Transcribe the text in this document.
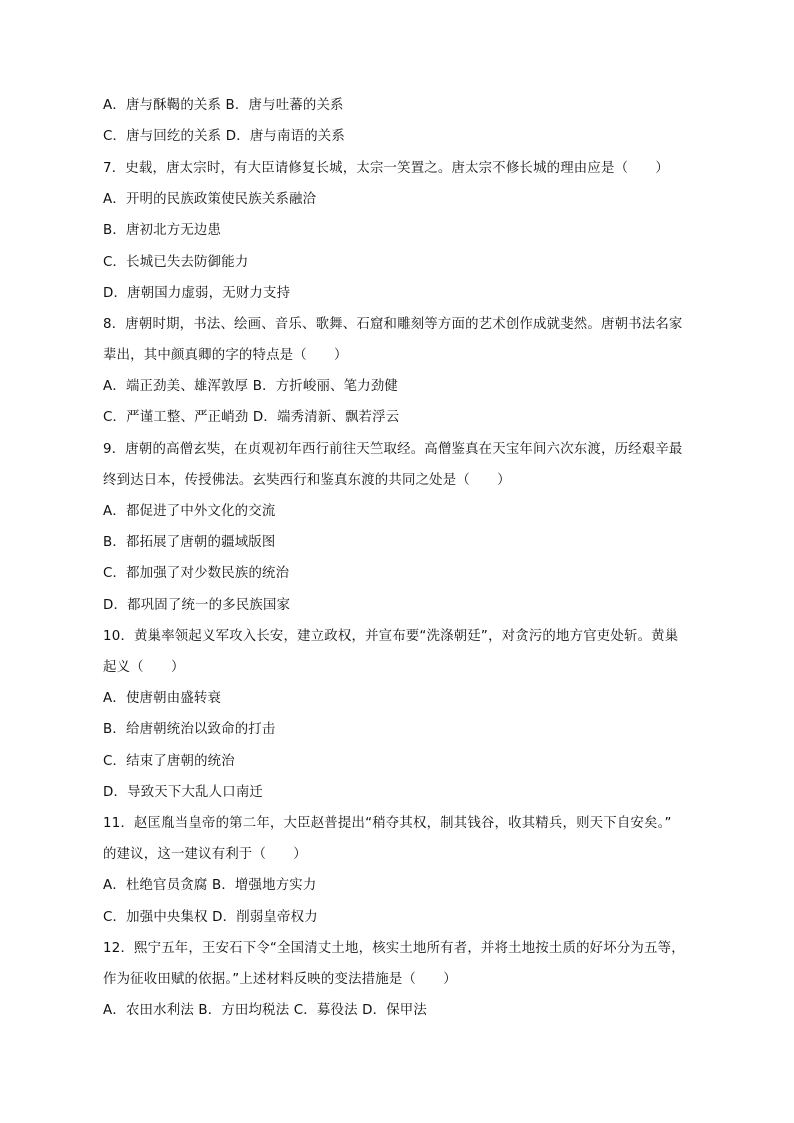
A．唐与酥鞨的关系 B．唐与吐蕃的关系
C．唐与回纥的关系 D．唐与南语的关系
7．史载，唐太宗时，有大臣请修复长城，太宗一笑置之。唐太宗不修长城的理由应是（　　）
A．开明的民族政策使民族关系融洽
B．唐初北方无边患
C．长城已失去防御能力
D．唐朝国力虚弱，无财力支持
8．唐朝时期，书法、绘画、音乐、歌舞、石窟和雕刻等方面的艺术创作成就斐然。唐朝书法名家
辈出，其中颜真卿的字的特点是（　　）
A．端正劲美、雄浑敦厚 B．方折峻丽、笔力劲健
C．严谨工整、严正峭劲 D．端秀清新、飘若浮云
9．唐朝的高僧玄奘，在贞观初年西行前往天竺取经。高僧鉴真在天宝年间六次东渡，历经艰辛最
终到达日本，传授佛法。玄奘西行和鉴真东渡的共同之处是（　　）
A．都促进了中外文化的交流
B．都拓展了唐朝的疆域版图
C．都加强了对少数民族的统治
D．都巩固了统一的多民族国家
10．黄巢率领起义军攻入长安，建立政权，并宣布要“洗涤朝廷”，对贪污的地方官吏处斩。黄巢
起义（　　）
A．使唐朝由盛转衰
B．给唐朝统治以致命的打击
C．结束了唐朝的统治
D．导致天下大乱人口南迁
11．赵匡胤当皇帝的第二年，大臣赵普提出“稍夺其权，制其钱谷，收其精兵，则天下自安矣。”
的建议，这一建议有利于（　　）
A．杜绝官员贪腐 B．增强地方实力
C．加强中央集权 D．削弱皇帝权力
12．熙宁五年，王安石下令“全国清丈土地，核实土地所有者，并将土地按土质的好坏分为五等，
作为征收田赋的依据。”上述材料反映的变法措施是（　　）
A．农田水利法 B．方田均税法 C．募役法 D．保甲法
